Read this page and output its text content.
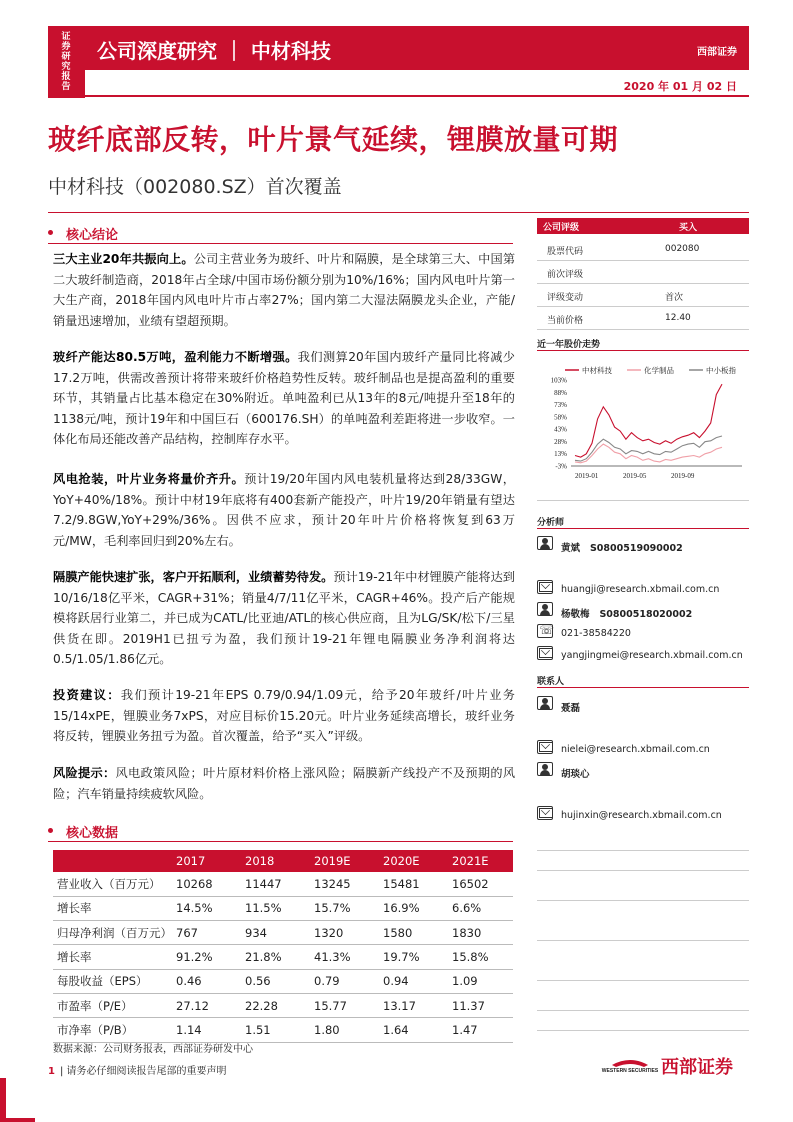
证券研究报告
公司深度研究 ｜ 中材科技	西部证券
2020 年 01 月 02 日
玻纤底部反转，叶片景气延续，锂膜放量可期
中材科技（002080.SZ）首次覆盖
核心结论
三大主业20年共振向上。公司主营业务为玻纤、叶片和隔膜，是全球第三大、中国第二大玻纤制造商，2018年占全球/中国市场份额分别为10%/16%；国内风电叶片第一大生产商，2018年国内风电叶片市占率27%；国内第二大湿法隔膜龙头企业，产能/销量迅速增加，业绩有望超预期。
玻纤产能达80.5万吨，盈利能力不断增强。我们测算20年国内玻纤产量同比将减少17.2万吨，供需改善预计将带来玻纤价格趋势性反转。玻纤制品也是提高盈利的重要环节，其销量占比基本稳定在30%附近。单吨盈利已从13年的8元/吨提升至18年的1138元/吨，预计19年和中国巨石（600176.SH）的单吨盈利差距将进一步收窄。一体化布局还能改善产品结构，控制库存水平。
风电抢装，叶片业务将量价齐升。预计19/20年国内风电装机量将达到28/33GW，YoY+40%/18%。预计中材19年底将有400套新产能投产，叶片19/20年销量有望达7.2/9.8GW,YoY+29%/36%。因供不应求，预计20年叶片价格将恢复到63万元/MW，毛利率回归到20%左右。
隔膜产能快速扩张，客户开拓顺利，业绩蓄势待发。预计19-21年中材锂膜产能将达到10/16/18亿平米，CAGR+31%；销量4/7/11亿平米，CAGR+46%。投产后产能规模将跃居行业第二，并已成为CATL/比亚迪/ATL的核心供应商，且为LG/SK/松下/三星供货在即。2019H1已扭亏为盈，我们预计19-21年锂电隔膜业务净利润将达0.5/1.05/1.86亿元。
投资建议：我们预计19-21年EPS 0.79/0.94/1.09元，给予20年玻纤/叶片业务15/14xPE，锂膜业务7xPS，对应目标价15.20元。叶片业务延续高增长，玻纤业务将反转，锂膜业务扭亏为盈。首次覆盖，给予“买入”评级。
风险提示：风电政策风险；叶片原材料价格上涨风险；隔膜新产线投产不及预期的风险；汽车销量持续疲软风险。
核心数据
	2017	2018	2019E	2020E	2021E
营业收入（百万元）	10268	11447	13245	15481	16502
增长率	14.5%	11.5%	15.7%	16.9%	6.6%
归母净利润（百万元）	767	934	1320	1580	1830
增长率	91.2%	21.8%	41.3%	19.7%	15.8%
每股收益（EPS）	0.46	0.56	0.79	0.94	1.09
市盈率（P/E）	27.12	22.28	15.77	13.17	11.37
市净率（P/B）	1.14	1.51	1.80	1.64	1.47
数据来源：公司财务报表，西部证券研发中心
公司评级	买入
股票代码	002080
前次评级
评级变动	首次
当前价格	12.40
近一年股价走势
中材科技	化学制品	中小板指
103%
88%
73%
58%
43%
28%
13%
-3%
2019-01	2019-05	2019-09
分析师
黄斌 S0800519090002
huangji@research.xbmail.com.cn
杨敬梅 S0800518020002
☏
021-38584220
yangjingmei@research.xbmail.com.cn
联系人
聂磊
nielei@research.xbmail.com.cn
胡琰心
hujinxin@research.xbmail.com.cn
1 | 请务必仔细阅读报告尾部的重要声明	WESTERN SECURITIES 西部证券
